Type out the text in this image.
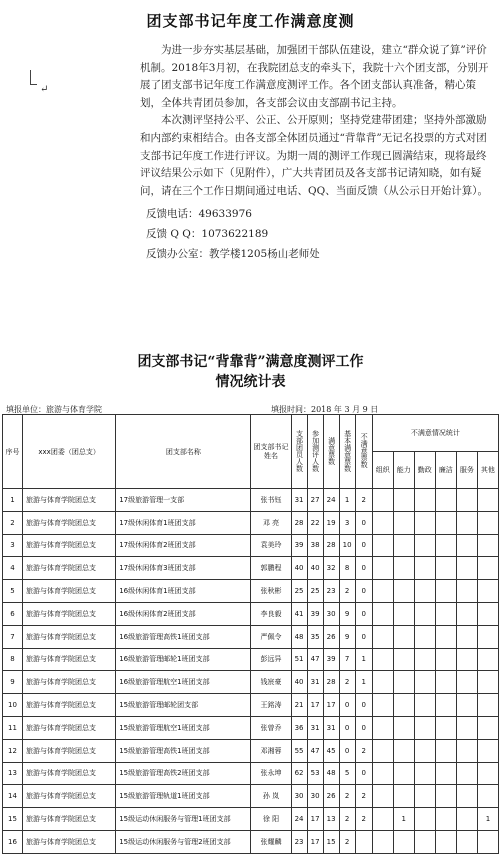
团支部书记年度工作满意度测
↵

为进一步夯实基层基础，加强团干部队伍建设，建立“群众说了算”评价机制。2018年3月初，在我院团总支的牵头下，我院十六个团支部，分别开展了团支部书记年度工作满意度测评工作。各个团支部认真准备，精心策划，全体共青团员参加，各支部会议由支部副书记主持。

本次测评坚持公平、公正、公开原则；坚持党建带团建；坚持外部激励和内部约束相结合。由各支部全体团员通过“背靠背”无记名投票的方式对团支部书记年度工作进行评议。为期一周的测评工作现已圆满结束，现将最终评议结果公示如下（见附件），广大共青团员及各支部书记请知晓，如有疑问，请在三个工作日期间通过电话、QQ、当面反馈（从公示日开始计算）。

反馈电话：49633976

反馈 Q Q：1073622189

反馈办公室：教学楼1205杨山老师处

团支部书记“背靠背”满意度测评工作
情况统计表
填报单位：旅游与体育学院	填报时间：2018 年 3 月 9 日
序号	xxx团委（团总支）	团支部名称	团支部书记姓名	支部团员人数	参加测评人数	满意票数	基本满意票数	不满意票数	不满意情况统计					
									组织	能力	勤政	廉洁	服务	其他
1	旅游与体育学院团总支	17级旅游管理一支部	张书钰	31	27	24	1	2						
2	旅游与体育学院团总支	17级休闲体育1班团支部	邓 亮	28	22	19	3	0						
3	旅游与体育学院团总支	17级休闲体育2班团支部	袁美玲	39	38	28	10	0						
4	旅游与体育学院团总支	17级休闲体育3班团支部	郭鹏程	40	40	32	8	0						
5	旅游与体育学院团总支	16级休闲体育1班团支部	张秋彬	25	25	23	2	0						
6	旅游与体育学院团总支	16级休闲体育2班团支部	李良毅	41	39	30	9	0						
7	旅游与体育学院团总支	16级旅游管理高铁1班团支部	严佩令	48	35	26	9	0						
8	旅游与体育学院团总支	16级旅游管理邮轮1班团支部	彭远异	51	47	39	7	1						
9	旅游与体育学院团总支	16级旅游管理航空1班团支部	钱宸豪	40	31	28	2	1						
10	旅游与体育学院团总支	15级旅游管理邮轮团支部	王銘涛	21	17	17	0	0						
11	旅游与体育学院团总支	15级旅游管理航空1班团支部	张曾乔	36	31	31	0	0						
12	旅游与体育学院团总支	15级旅游管理高铁1班团支部	邓湘蓉	55	47	45	0	2						
13	旅游与体育学院团总支	15级旅游管理高铁2班团支部	张永坤	62	53	48	5	0						
14	旅游与体育学院团总支	15级旅游管理轨道1班团支部	孙 岚	30	30	26	2	2						
15	旅游与体育学院团总支	15级运动休闲服务与管理1班团支部	徐 阳	24	17	13	2	2		1				1
16	旅游与体育学院团总支	15级运动休闲服务与管理2班团支部	张耀麟	23	17	15	2							
